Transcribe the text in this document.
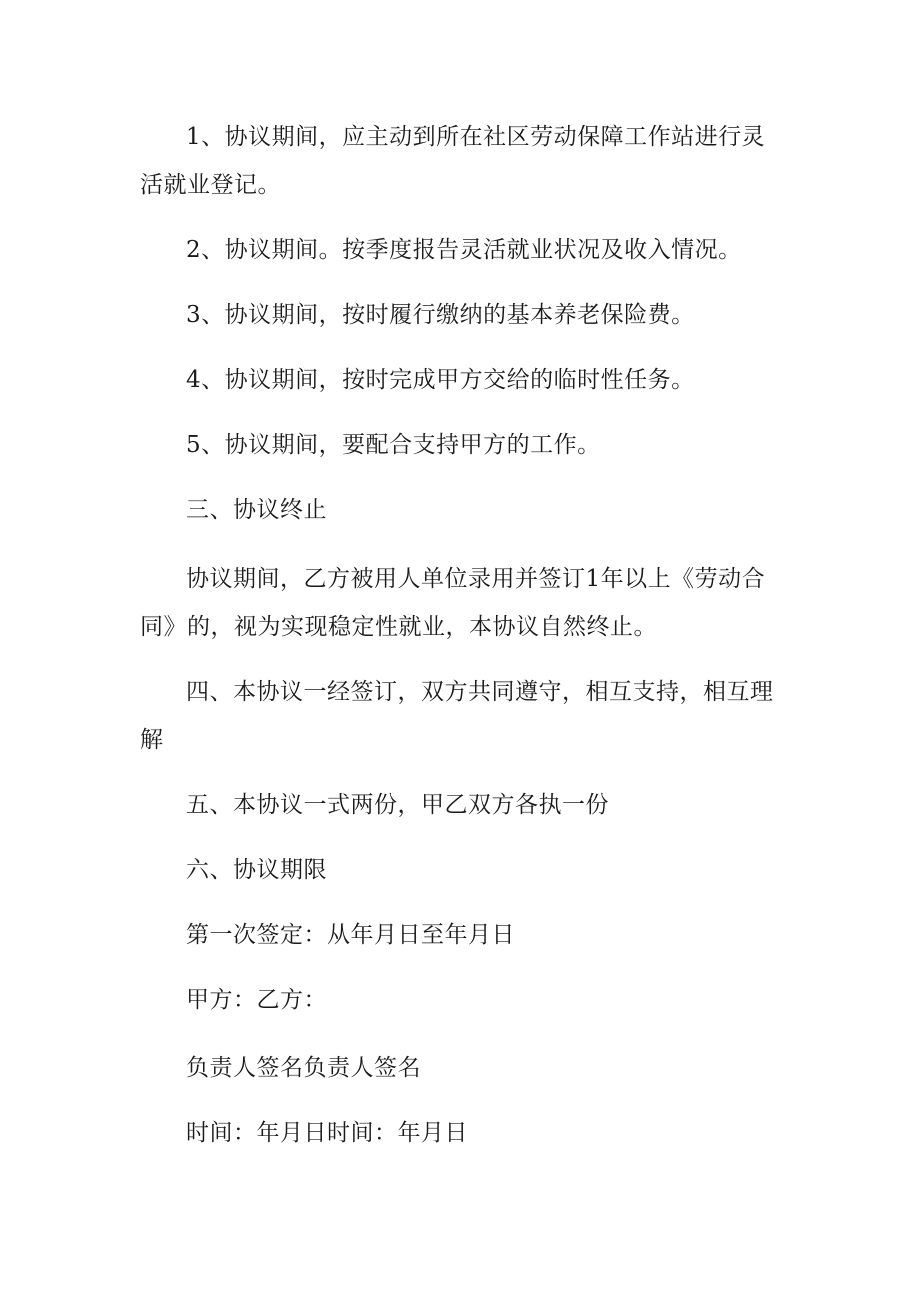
1、协议期间，应主动到所在社区劳动保障工作站进行灵活就业登记。

2、协议期间。按季度报告灵活就业状况及收入情况。

3、协议期间，按时履行缴纳的基本养老保险费。

4、协议期间，按时完成甲方交给的临时性任务。

5、协议期间，要配合支持甲方的工作。

三、协议终止

协议期间，乙方被用人单位录用并签订1年以上《劳动合同》的，视为实现稳定性就业，本协议自然终止。

四、本协议一经签订，双方共同遵守，相互支持，相互理解

五、本协议一式两份，甲乙双方各执一份

六、协议期限

第一次签定：从年月日至年月日

甲方：乙方：

负责人签名负责人签名

时间：年月日时间：年月日
